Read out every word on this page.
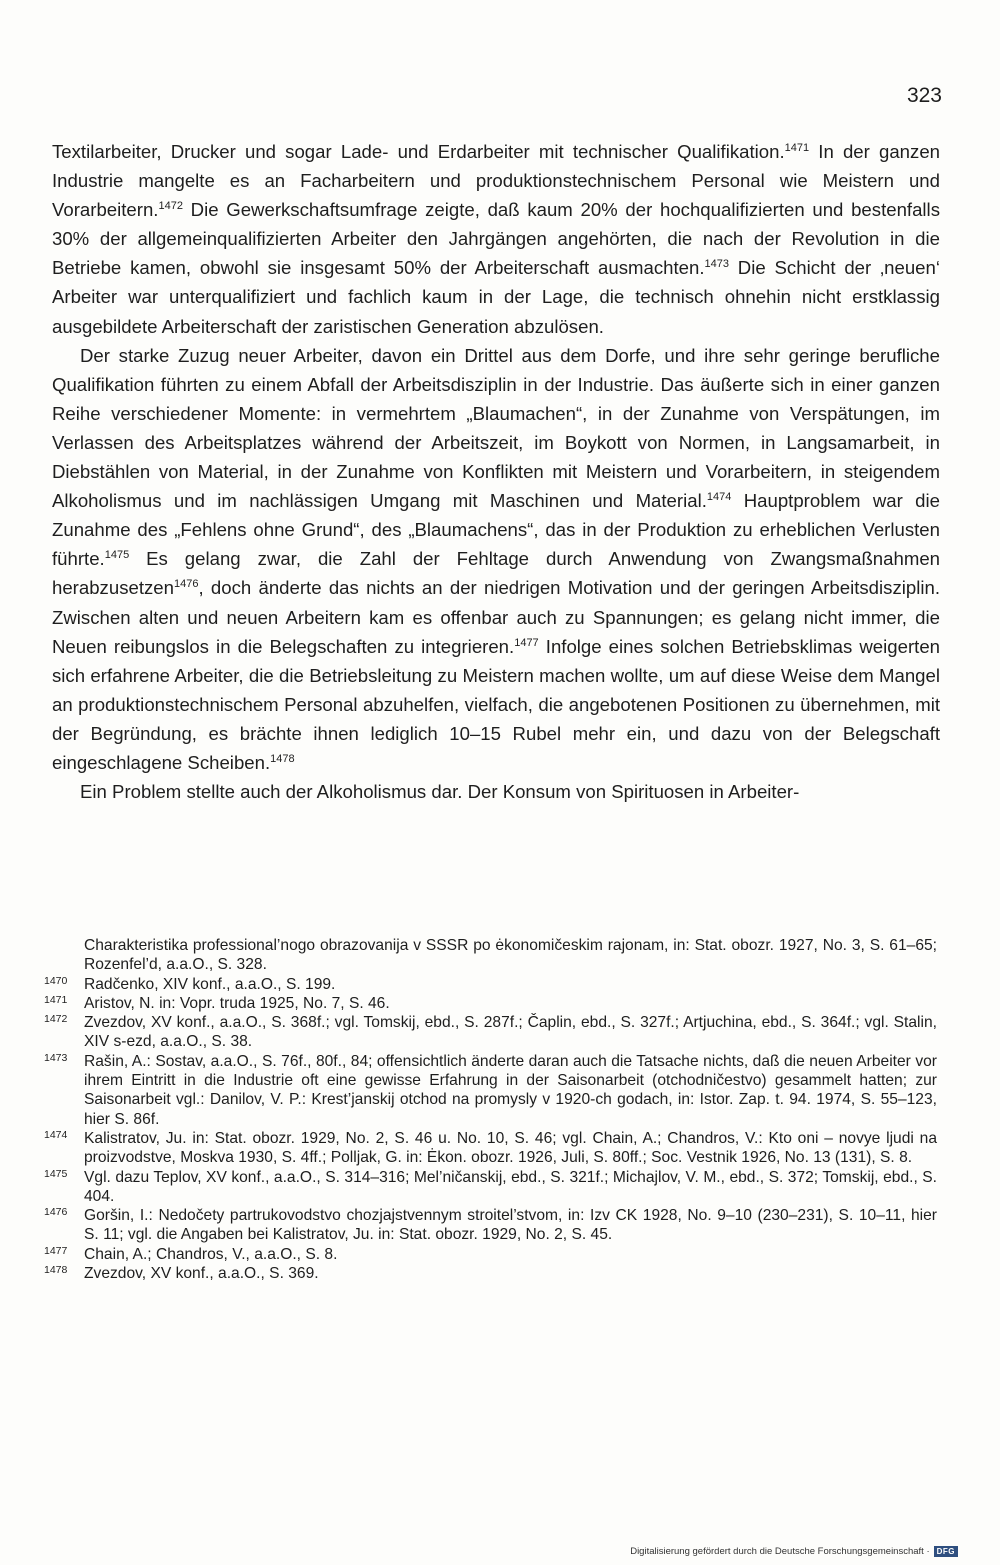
323

Textilarbeiter, Drucker und sogar Lade- und Erdarbeiter mit technischer Qualifikation.$^{1471}$ In der ganzen Industrie mangelte es an Facharbeitern und produktionstechnischem Personal wie Meistern und Vorarbeitern.$^{1472}$ Die Gewerkschaftsumfrage zeigte, daß kaum 20% der hochqualifizierten und bestenfalls 30% der allgemeinqualifizierten Arbeiter den Jahrgängen angehörten, die nach der Revolution in die Betriebe kamen, obwohl sie insgesamt 50% der Arbeiterschaft ausmachten.$^{1473}$ Die Schicht der ‚neuen‘ Arbeiter war unterqualifiziert und fachlich kaum in der Lage, die technisch ohnehin nicht erstklassig ausgebildete Arbeiterschaft der zaristischen Generation abzulösen.

Der starke Zuzug neuer Arbeiter, davon ein Drittel aus dem Dorfe, und ihre sehr geringe berufliche Qualifikation führten zu einem Abfall der Arbeitsdisziplin in der Industrie. Das äußerte sich in einer ganzen Reihe verschiedener Momente: in vermehrtem „Blaumachen“, in der Zunahme von Verspätungen, im Verlassen des Arbeitsplatzes während der Arbeitszeit, im Boykott von Normen, in Langsamarbeit, in Diebstählen von Material, in der Zunahme von Konflikten mit Meistern und Vorarbeitern, in steigendem Alkoholismus und im nachlässigen Umgang mit Maschinen und Material.$^{1474}$ Hauptproblem war die Zunahme des „Fehlens ohne Grund“, des „Blaumachens“, das in der Produktion zu erheblichen Verlusten führte.$^{1475}$ Es gelang zwar, die Zahl der Fehltage durch Anwendung von Zwangsmaßnahmen herabzusetzen$^{1476}$, doch änderte das nichts an der niedrigen Motivation und der geringen Arbeitsdisziplin. Zwischen alten und neuen Arbeitern kam es offenbar auch zu Spannungen; es gelang nicht immer, die Neuen reibungslos in die Belegschaften zu integrieren.$^{1477}$ Infolge eines solchen Betriebsklimas weigerten sich erfahrene Arbeiter, die die Betriebsleitung zu Meistern machen wollte, um auf diese Weise dem Mangel an produktionstechnischem Personal abzuhelfen, vielfach, die angebotenen Positionen zu übernehmen, mit der Begründung, es brächte ihnen lediglich 10–15 Rubel mehr ein, und dazu von der Belegschaft eingeschlagene Scheiben.$^{1478}$

Ein Problem stellte auch der Alkoholismus dar. Der Konsum von Spirituosen in Arbeiter-

Charakteristika professional’nogo obrazovanija v SSSR po ėkonomičeskim rajonam, in: Stat. obozr. 1927, No. 3, S. 61–65; Rozenfel’d, a.a.O., S. 328.

1470	Radčenko, XIV konf., a.a.O., S. 199.
1471	Aristov, N. in: Vopr. truda 1925, No. 7, S. 46.
1472	Zvezdov, XV konf., a.a.O., S. 368f.; vgl. Tomskij, ebd., S. 287f.; Čaplin, ebd., S. 327f.; Artjuchina, ebd., S. 364f.; vgl. Stalin, XIV s-ezd, a.a.O., S. 38.
1473	Rašin, A.: Sostav, a.a.O., S. 76f., 80f., 84; offensichtlich änderte daran auch die Tatsache nichts, daß die neuen Arbeiter vor ihrem Eintritt in die Industrie oft eine gewisse Erfahrung in der Saisonarbeit (otchodničestvo) gesammelt hatten; zur Saisonarbeit vgl.: Danilov, V. P.: Krest’janskij otchod na promysly v 1920-ch godach, in: Istor. Zap. t. 94. 1974, S. 55–123, hier S. 86f.
1474	Kalistratov, Ju. in: Stat. obozr. 1929, No. 2, S. 46 u. No. 10, S. 46; vgl. Chain, A.; Chandros, V.: Kto oni – novye ljudi na proizvodstve, Moskva 1930, S. 4ff.; Polljak, G. in: Ėkon. obozr. 1926, Juli, S. 80ff.; Soc. Vestnik 1926, No. 13 (131), S. 8.
1475	Vgl. dazu Teplov, XV konf., a.a.O., S. 314–316; Mel’ničanskij, ebd., S. 321f.; Michajlov, V. M., ebd., S. 372; Tomskij, ebd., S. 404.
1476	Goršin, I.: Nedočety partrukovodstvo chozjajstvennym stroitel’stvom, in: Izv CK 1928, No. 9–10 (230–231), S. 10–11, hier S. 11; vgl. die Angaben bei Kalistratov, Ju. in: Stat. obozr. 1929, No. 2, S. 45.
1477	Chain, A.; Chandros, V., a.a.O., S. 8.
1478	Zvezdov, XV konf., a.a.O., S. 369.
Digitalisierung gefördert durch die Deutsche Forschungsgemeinschaft · DFG
